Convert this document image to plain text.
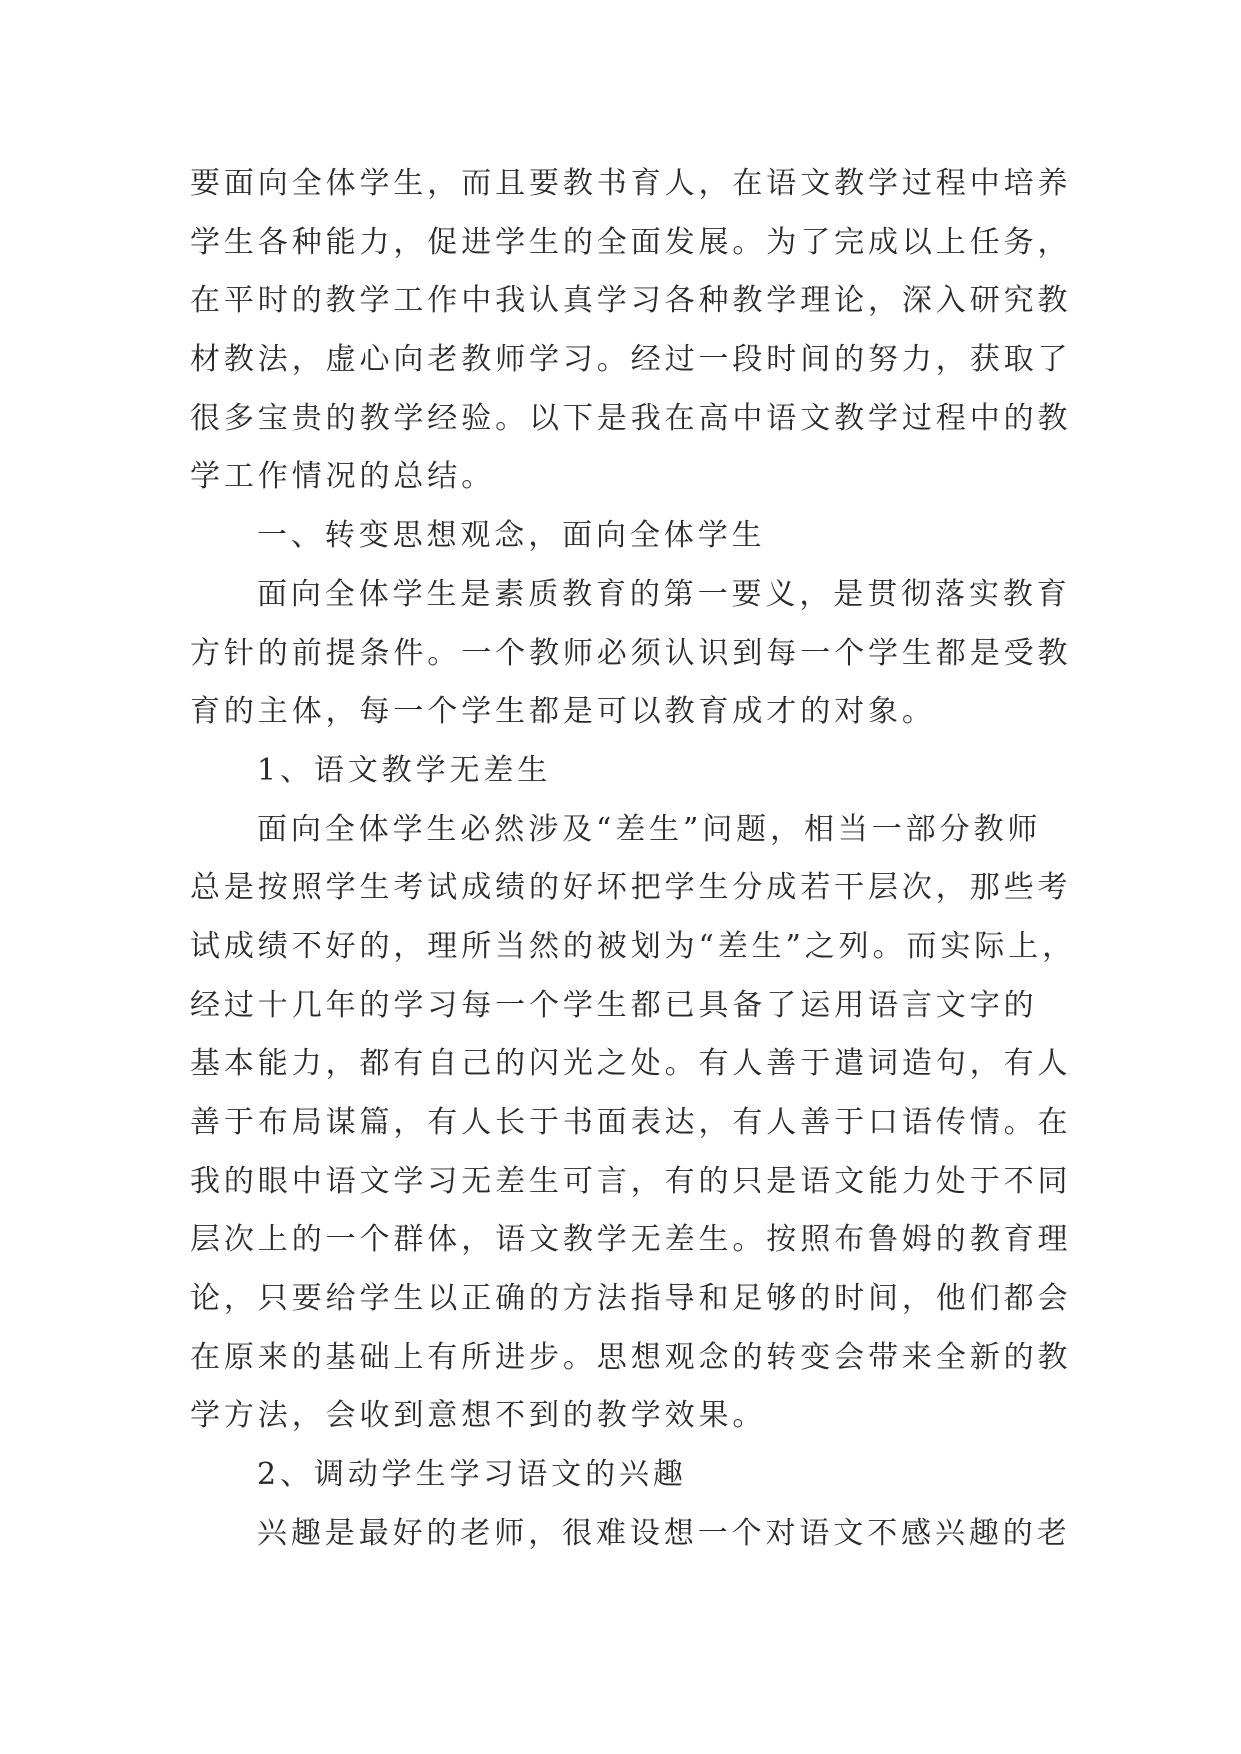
要面向全体学生，而且要教书育人，在语文教学过程中培养
学生各种能力，促进学生的全面发展。为了完成以上任务，
在平时的教学工作中我认真学习各种教学理论，深入研究教
材教法，虚心向老教师学习。经过一段时间的努力，获取了
很多宝贵的教学经验。以下是我在高中语文教学过程中的教
学工作情况的总结。
一、转变思想观念，面向全体学生
面向全体学生是素质教育的第一要义，是贯彻落实教育
方针的前提条件。一个教师必须认识到每一个学生都是受教
育的主体，每一个学生都是可以教育成才的对象。
1、语文教学无差生
面向全体学生必然涉及“差生”问题，相当一部分教师
总是按照学生考试成绩的好坏把学生分成若干层次，那些考
试成绩不好的，理所当然的被划为“差生”之列。而实际上，
经过十几年的学习每一个学生都已具备了运用语言文字的
基本能力，都有自己的闪光之处。有人善于遣词造句，有人
善于布局谋篇，有人长于书面表达，有人善于口语传情。在
我的眼中语文学习无差生可言，有的只是语文能力处于不同
层次上的一个群体，语文教学无差生。按照布鲁姆的教育理
论，只要给学生以正确的方法指导和足够的时间，他们都会
在原来的基础上有所进步。思想观念的转变会带来全新的教
学方法，会收到意想不到的教学效果。
2、调动学生学习语文的兴趣
兴趣是最好的老师，很难设想一个对语文不感兴趣的老
